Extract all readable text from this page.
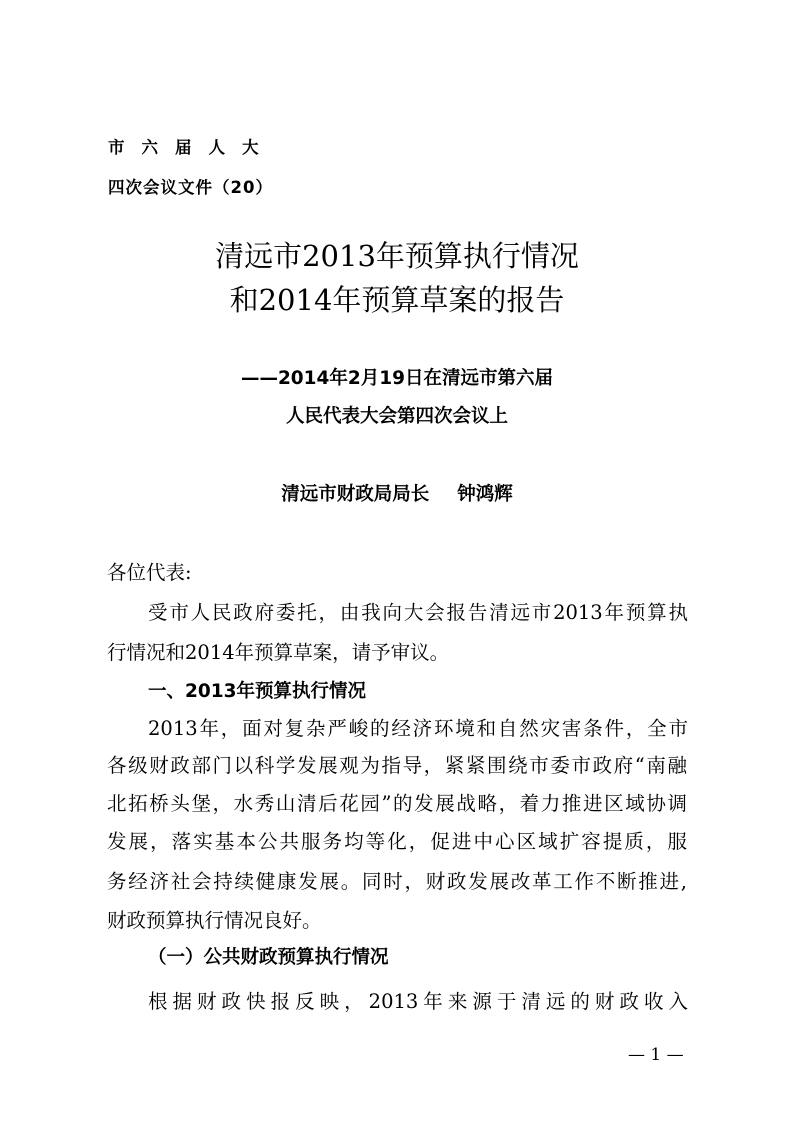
市六届人大
四次会议文件（20）
清远市2013年预算执行情况
和2014年预算草案的报告
——2014年2月19日在清远市第六届
人民代表大会第四次会议上
清远市财政局局长 钟鸿辉
各位代表:
受市人民政府委托，由我向大会报告清远市2013年预算执
行情况和2014年预算草案，请予审议。
一、2013年预算执行情况
2013年，面对复杂严峻的经济环境和自然灾害条件，全市
各级财政部门以科学发展观为指导，紧紧围绕市委市政府“南融
北拓桥头堡，水秀山清后花园”的发展战略，着力推进区域协调
发展，落实基本公共服务均等化，促进中心区域扩容提质，服
务经济社会持续健康发展。同时，财政发展改革工作不断推进,
财政预算执行情况良好。
（一）公共财政预算执行情况
根据财政快报反映，2013年来源于清远的财政收入
— 1 —
